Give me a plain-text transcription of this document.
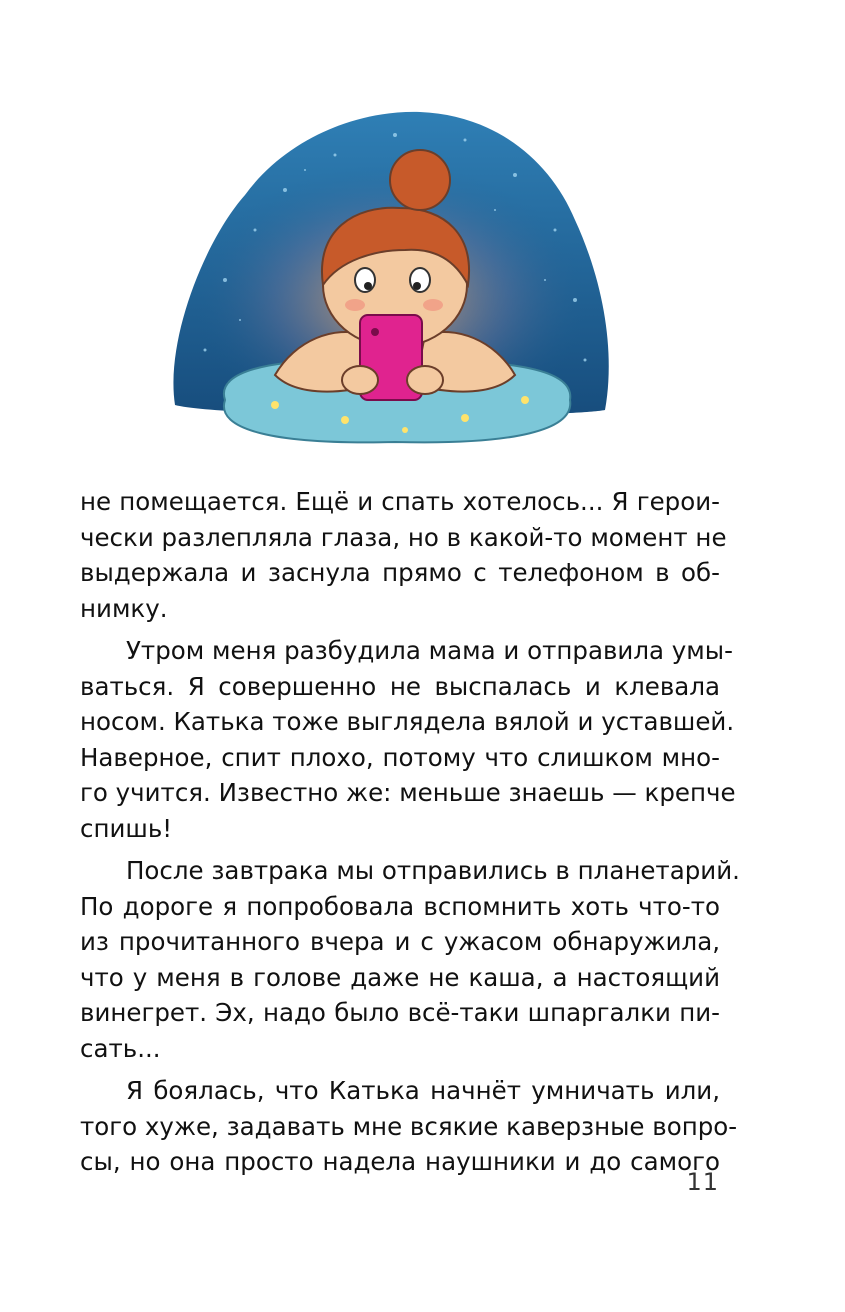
не помещается. Ещё и спать хотелось... Я герои-
чески разлепляла глаза, но в какой-то момент не
выдержала и заснула прямо с телефоном в об-
нимку.
Утром меня разбудила мама и отправила умы-
ваться. Я совершенно не выспалась и клевала
носом. Катька тоже выглядела вялой и уставшей.
Наверное, спит плохо, потому что слишком мно-
го учится. Известно же: меньше знаешь — крепче
спишь!
После завтрака мы отправились в планетарий.
По дороге я попробовала вспомнить хоть что-то
из прочитанного вчера и с ужасом обнаружила,
что у меня в голове даже не каша, а настоящий
винегрет. Эх, надо было всё-таки шпаргалки пи-
сать...
Я боялась, что Катька начнёт умничать или,
того хуже, задавать мне всякие каверзные вопро-
сы, но она просто надела наушники и до самого
11
